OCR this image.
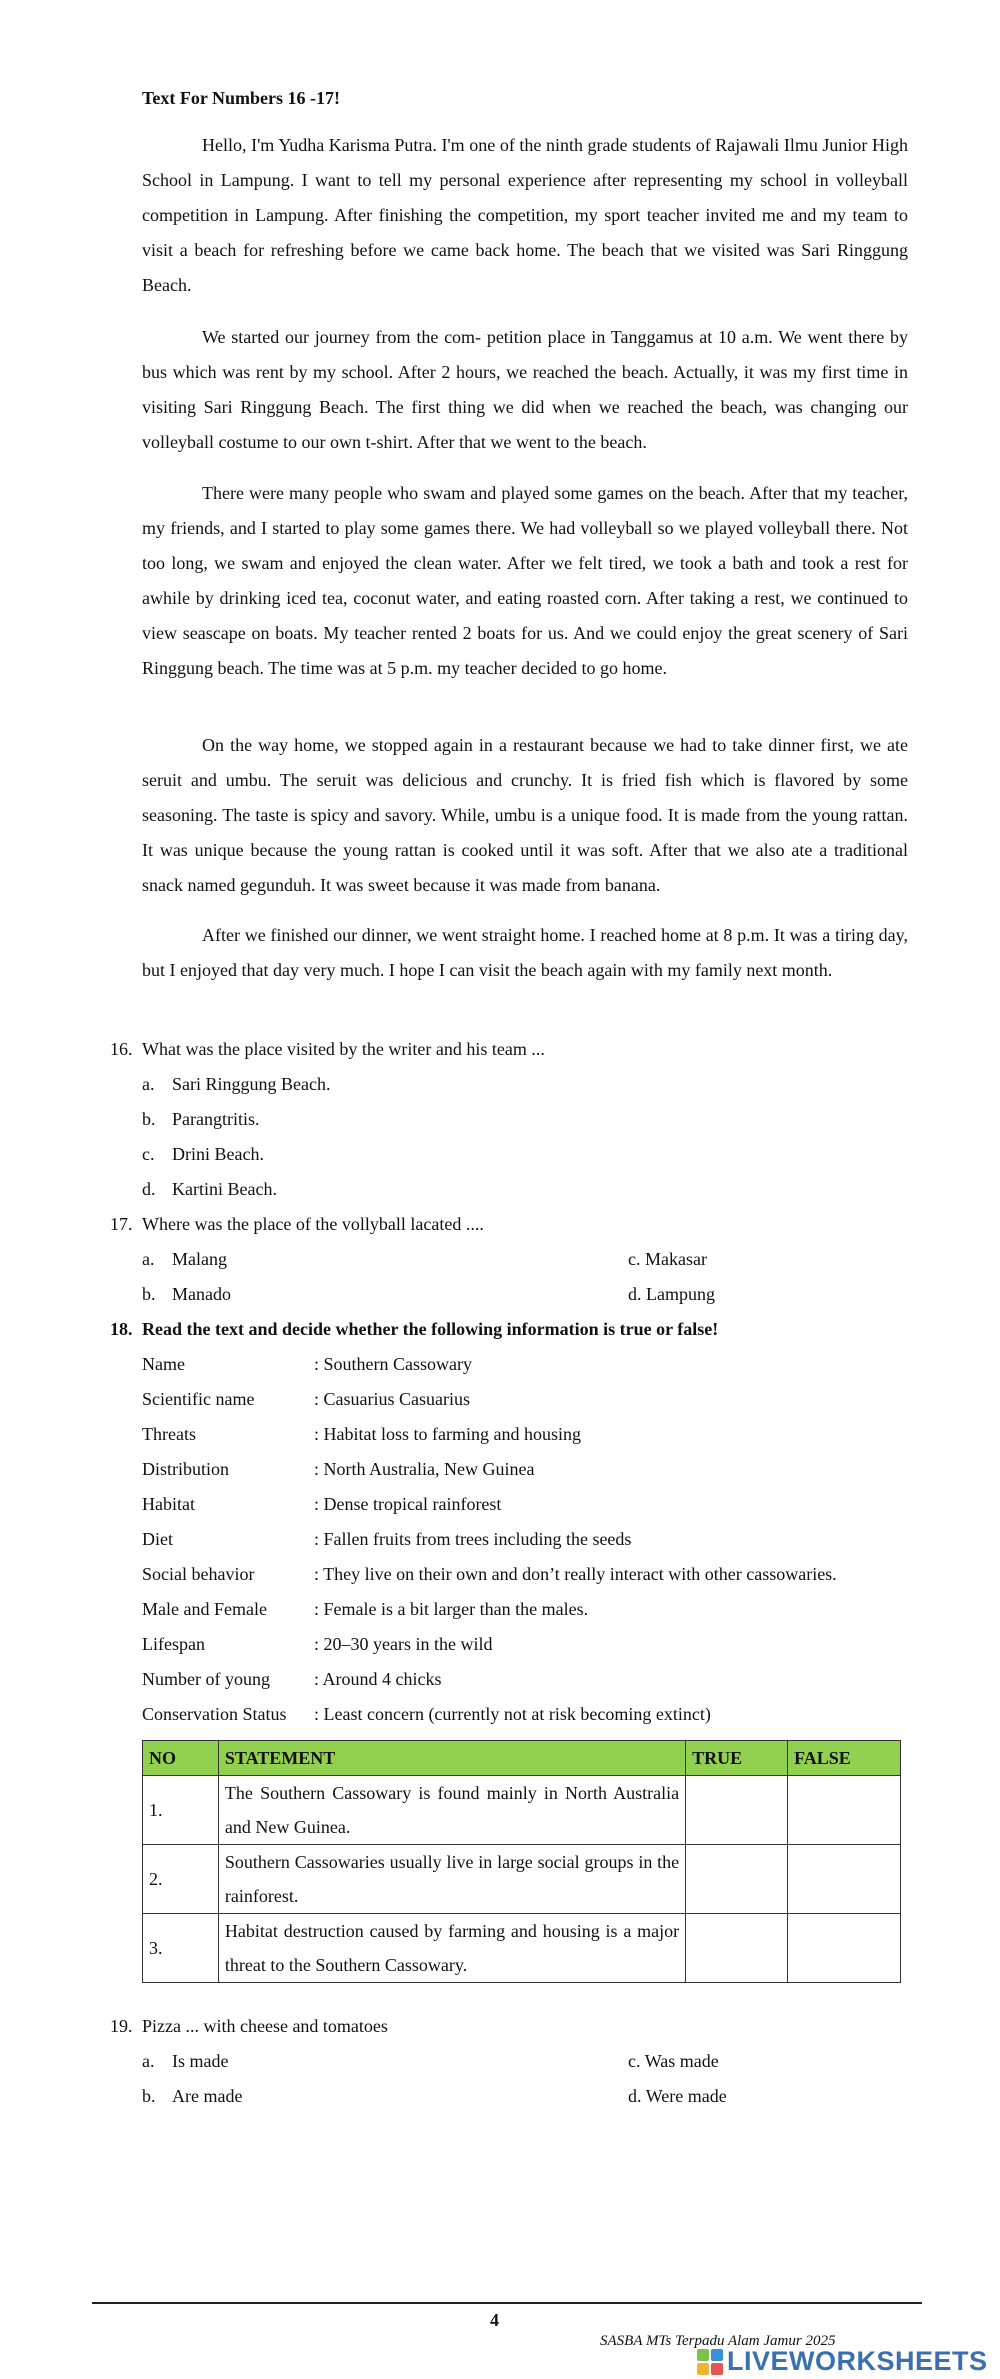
Text For Numbers 16 -17!

Hello, I'm Yudha Karisma Putra. I'm one of the ninth grade students of Rajawali Ilmu Junior High School in Lampung. I want to tell my personal experience after representing my school in volleyball competition in Lampung. After finishing the competition, my sport teacher invited me and my team to visit a beach for refreshing before we came back home. The beach that we visited was Sari Ringgung Beach.

We started our journey from the com- petition place in Tanggamus at 10 a.m. We went there by bus which was rent by my school. After 2 hours, we reached the beach. Actually, it was my first time in visiting Sari Ringgung Beach. The first thing we did when we reached the beach, was changing our volleyball costume to our own t-shirt. After that we went to the beach.

There were many people who swam and played some games on the beach. After that my teacher, my friends, and I started to play some games there. We had volleyball so we played volleyball there. Not too long, we swam and enjoyed the clean water. After we felt tired, we took a bath and took a rest for awhile by drinking iced tea, coconut water, and eating roasted corn. After taking a rest, we continued to view seascape on boats. My teacher rented 2 boats for us. And we could enjoy the great scenery of Sari Ringgung beach. The time was at 5 p.m. my teacher decided to go home.

On the way home, we stopped again in a restaurant because we had to take dinner first, we ate seruit and umbu. The seruit was delicious and crunchy. It is fried fish which is flavored by some seasoning. The taste is spicy and savory. While, umbu is a unique food. It is made from the young rattan. It was unique because the young rattan is cooked until it was soft. After that we also ate a traditional snack named gegunduh. It was sweet because it was made from banana.

After we finished our dinner, we went straight home. I reached home at 8 p.m. It was a tiring day, but I enjoyed that day very much. I hope I can visit the beach again with my family next month.

16. What was the place visited by the writer and his team ...
a. Sari Ringgung Beach.
b. Parangtritis.
c. Drini Beach.
d. Kartini Beach.
17. Where was the place of the vollyball lacated ....
a. Malang	c. Makasar
b. Manado	d. Lampung
18. Read the text and decide whether the following information is true or false!
Name	: Southern Cassowary
Scientific name	: Casuarius Casuarius
Threats	: Habitat loss to farming and housing
Distribution	: North Australia, New Guinea
Habitat	: Dense tropical rainforest
Diet	: Fallen fruits from trees including the seeds
Social behavior	: They live on their own and don’t really interact with other cassowaries.
Male and Female	: Female is a bit larger than the males.
Lifespan	: 20–30 years in the wild
Number of young : Around 4 chicks
Conservation Status : Least concern (currently not at risk becoming extinct)
NO	STATEMENT	TRUE	FALSE
1.	The Southern Cassowary is found mainly in North Australia and New Guinea.		
2.	Southern Cassowaries usually live in large social groups in the rainforest.		
3.	Habitat destruction caused by farming and housing is a major threat to the Southern Cassowary.		
19. Pizza ... with cheese and tomatoes
a. Is made	c. Was made
b. Are made	d. Were made
4
SASBA MTs Terpadu Alam Jamur 2025
LIVEWORKSHEETS
